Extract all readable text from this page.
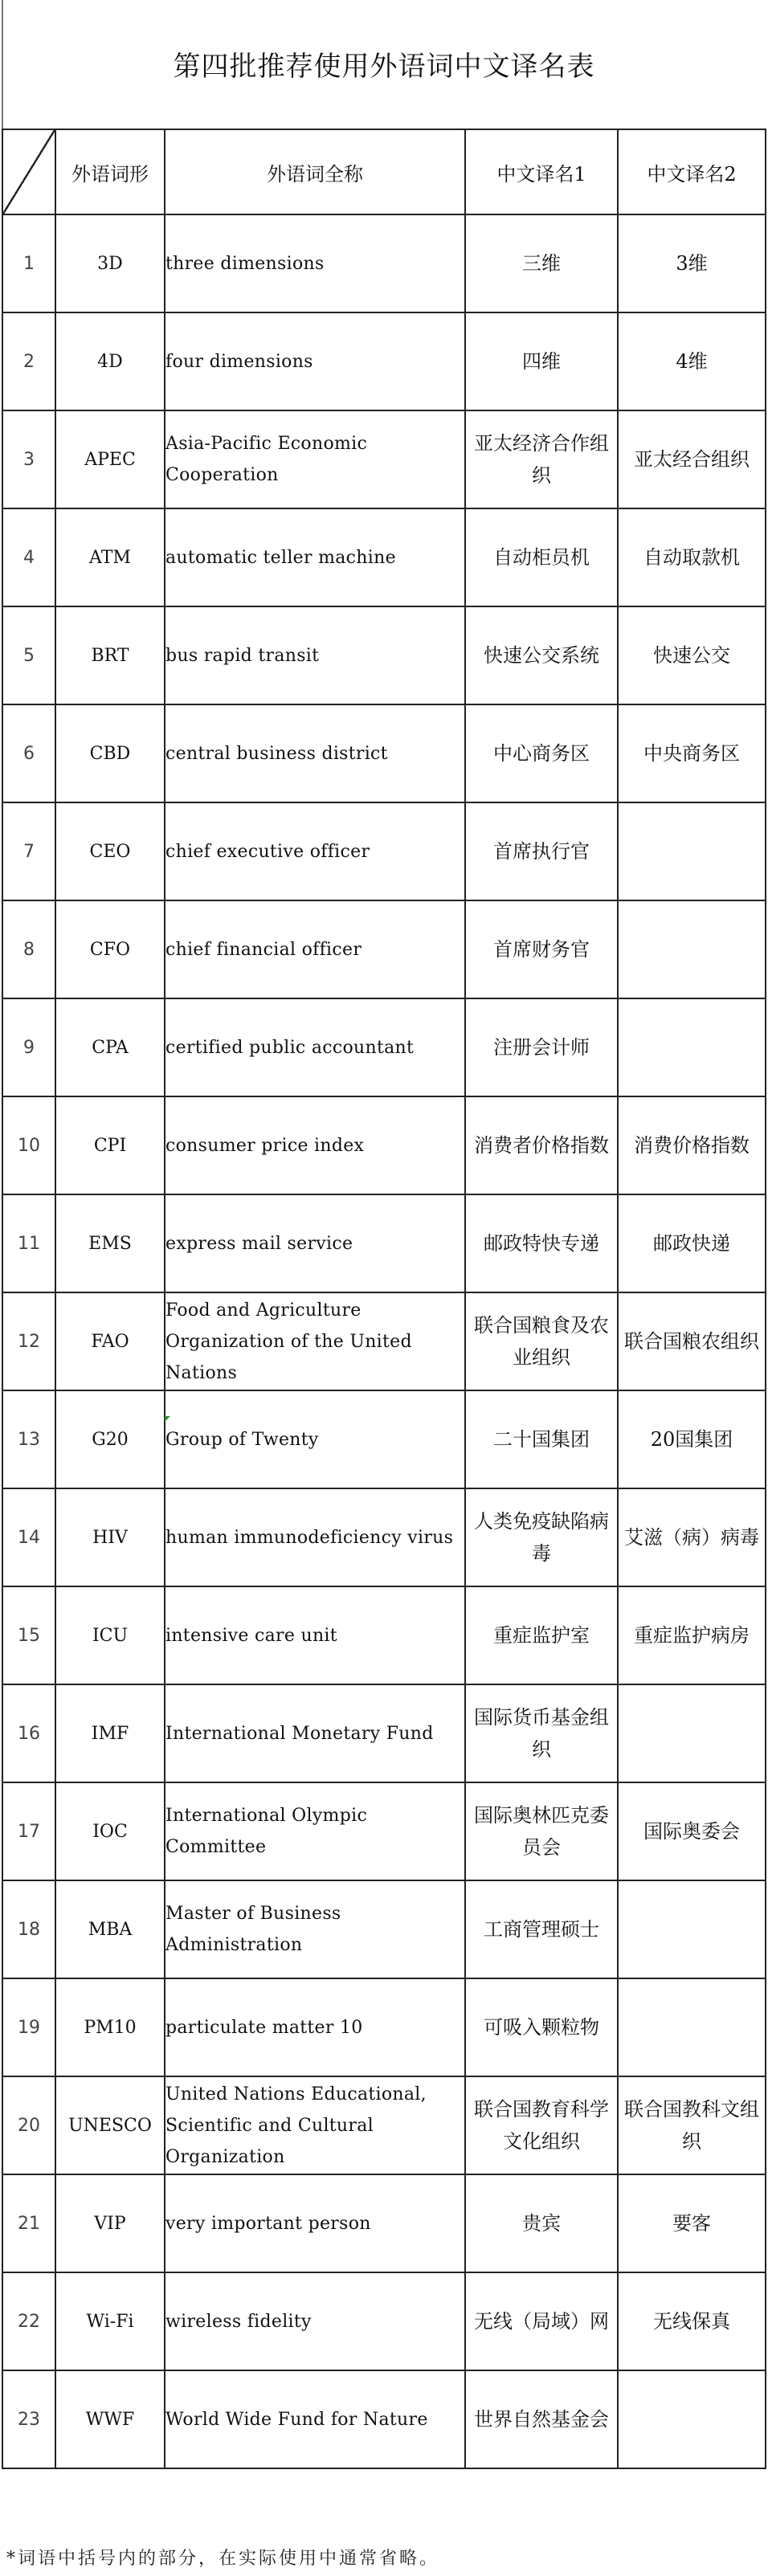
第四批推荐使用外语词中文译名表
	外语词形	外语词全称	中文译名1	中文译名2
1	3D	three dimensions	三维	3维
2	4D	four dimensions	四维	4维
3	APEC	Asia-Pacific Economic Cooperation	亚太经济合作组织	亚太经合组织
4	ATM	automatic teller machine	自动柜员机	自动取款机
5	BRT	bus rapid transit	快速公交系统	快速公交
6	CBD	central business district	中心商务区	中央商务区
7	CEO	chief executive officer	首席执行官	
8	CFO	chief financial officer	首席财务官	
9	CPA	certified public accountant	注册会计师	
10	CPI	consumer price index	消费者价格指数	消费价格指数
11	EMS	express mail service	邮政特快专递	邮政快递
12	FAO	Food and Agriculture Organization of the United Nations	联合国粮食及农业组织	联合国粮农组织
13	G20	Group of Twenty	二十国集团	20国集团
14	HIV	human immunodeficiency virus	人类免疫缺陷病毒	艾滋（病）病毒
15	ICU	intensive care unit	重症监护室	重症监护病房
16	IMF	International Monetary Fund	国际货币基金组织	
17	IOC	International Olympic Committee	国际奥林匹克委员会	国际奥委会
18	MBA	Master of Business Administration	工商管理硕士	
19	PM10	particulate matter 10	可吸入颗粒物	
20	UNESCO	United Nations Educational, Scientific and Cultural Organization	联合国教育科学文化组织	联合国教科文组织
21	VIP	very important person	贵宾	要客
22	Wi-Fi	wireless fidelity	无线（局域）网	无线保真
23	WWF	World Wide Fund for Nature	世界自然基金会	
*词语中括号内的部分，在实际使用中通常省略。
